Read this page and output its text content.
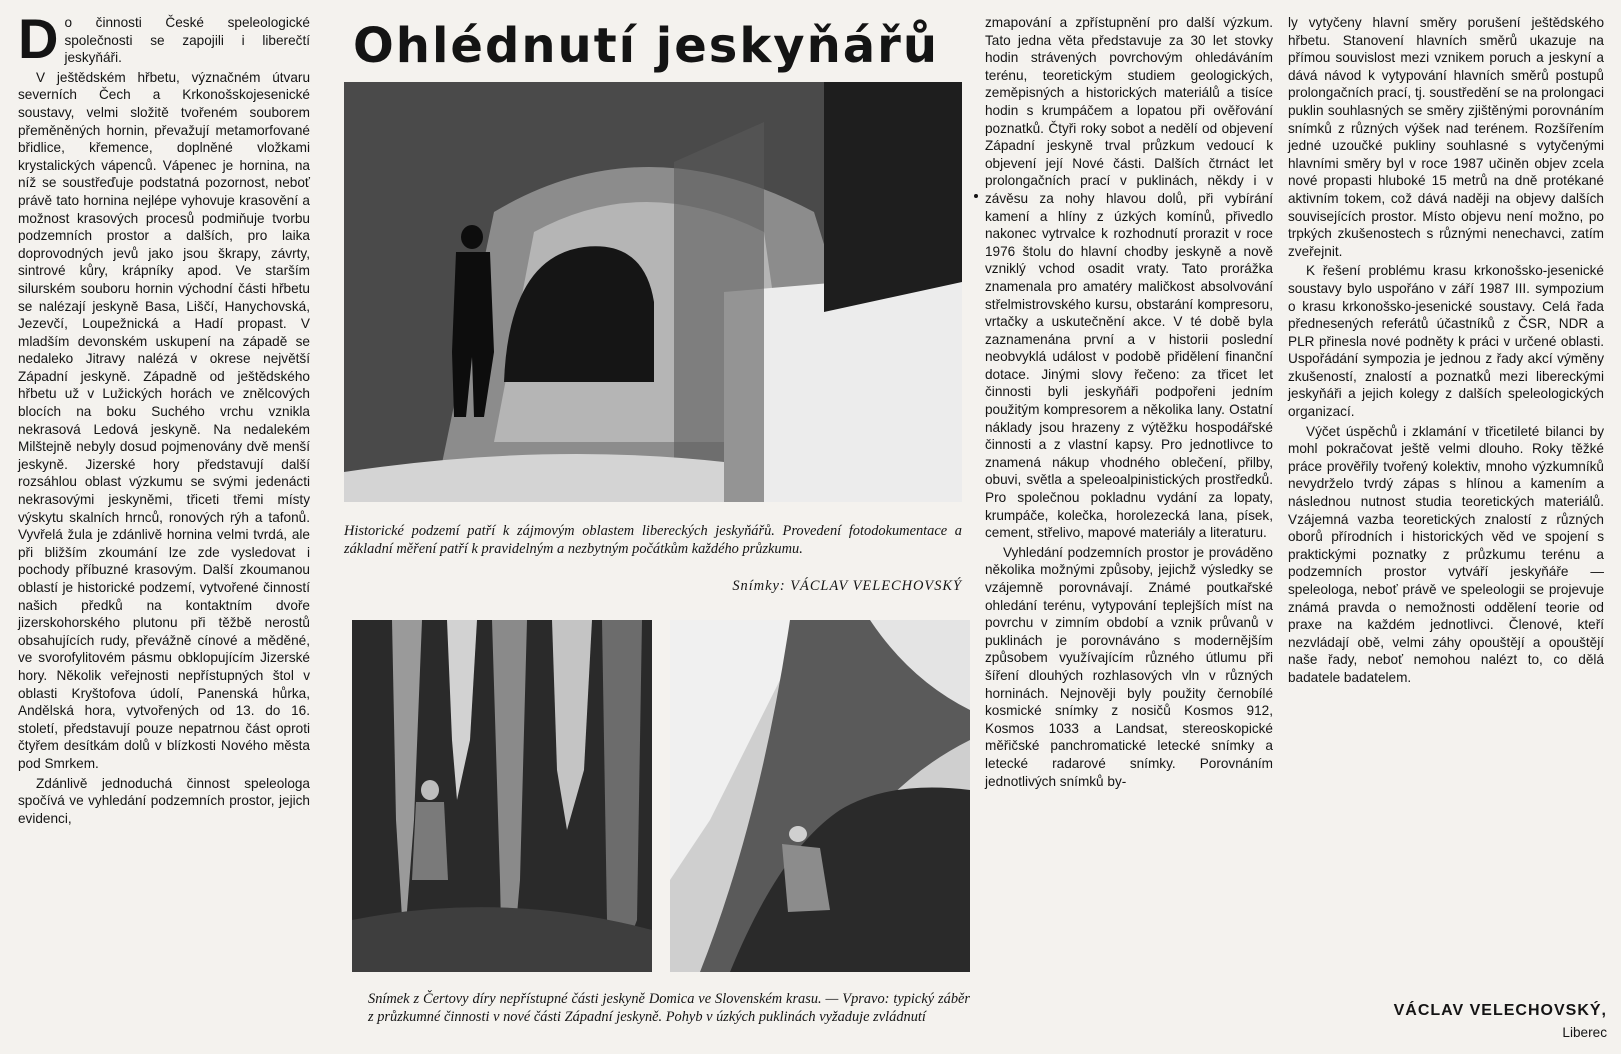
Ohlédnutí jeskyňářů

Do činnosti České speleologické společnosti se zapojili i liberečtí jeskyňáři.

V ještědském hřbetu, význačném útvaru severních Čech a Krkonošskojesenické soustavy, velmi složitě tvořeném souborem přeměněných hornin, převažují metamorfované břidlice, křemence, doplněné vložkami krystalických vápenců. Vápenec je hornina, na níž se soustřeďuje podstatná pozornost, neboť právě tato hornina nejlépe vyhovuje krasovění a možnost krasových procesů podmiňuje tvorbu podzemních prostor a dalších, pro laika doprovodných jevů jako jsou škrapy, závrty, sintrové kůry, krápníky apod. Ve starším silurském souboru hornin východní části hřbetu se nalézají jeskyně Basa, Liščí, Hanychovská, Jezevčí, Loupežnická a Hadí propast. V mladším devonském uskupení na západě se nedaleko Jitravy nalézá v okrese největší Západní jeskyně. Západně od ještědského hřbetu už v Lužických horách ve znělcových blocích na boku Suchého vrchu vznikla nekrasová Ledová jeskyně. Na nedalekém Milštejně nebyly dosud pojmenovány dvě menší jeskyně. Jizerské hory představují další rozsáhlou oblast výzkumu se svými jedenácti nekrasovými jeskyněmi, třiceti třemi místy výskytu skalních hrnců, ronových rýh a tafonů. Vyvřelá žula je zdánlivě hornina velmi tvrdá, ale při bližším zkoumání lze zde vysledovat i pochody příbuzné krasovým. Další zkoumanou oblastí je historické podzemí, vytvořené činností našich předků na kontaktním dvoře jizerskohorského plutonu při těžbě nerostů obsahujících rudy, převážně cínové a měděné, ve svorofylitovém pásmu obklopujícím Jizerské hory. Několik veřejnosti nepřístupných štol v oblasti Kryštofova údolí, Panenská hůrka, Andělská hora, vytvořených od 13. do 16. století, představují pouze nepatrnou část oproti čtyřem desítkám dolů v blízkosti Nového města pod Smrkem.

Zdánlivě jednoduchá činnost speleologa spočívá ve vyhledání podzemních prostor, jejich evidenci,

Historické podzemí patří k zájmovým oblastem libereckých jeskyňářů. Provedení fotodokumentace a základní měření patří k pravidelným a nezbytným počátkům každého průzkumu.
Snímky: VÁCLAV VELECHOVSKÝ
Snímek z Čertovy díry nepřístupné části jeskyně Domica ve Slovenském krasu. — Vpravo: typický záběr z průzkumné činnosti v nové části Západní jeskyně. Pohyb v úzkých puklinách vyžaduje zvládnutí

zmapování a zpřístupnění pro další výzkum. Tato jedna věta představuje za 30 let stovky hodin strávených povrchovým ohledáváním terénu, teoretickým studiem geologických, zeměpisných a historických materiálů a tisíce hodin s krumpáčem a lopatou při ověřování poznatků. Čtyři roky sobot a nedělí od objevení Západní jeskyně trval průzkum vedoucí k objevení její Nové části. Dalších čtrnáct let prolongačních prací v puklinách, někdy i v závěsu za nohy hlavou dolů, při vybírání kamení a hlíny z úzkých komínů, přivedlo nakonec vytrvalce k rozhodnutí prorazit v roce 1976 štolu do hlavní chodby jeskyně a nově vzniklý vchod osadit vraty. Tato prorážka znamenala pro amatéry maličkost absolvování střelmistrovského kursu, obstarání kompresoru, vrtačky a uskutečnění akce. V té době byla zaznamenána první a v historii poslední neobvyklá událost v podobě přidělení finanční dotace. Jinými slovy řečeno: za třicet let činnosti byli jeskyňáři podpořeni jedním použitým kompresorem a několika lany. Ostatní náklady jsou hrazeny z výtěžku hospodářské činnosti a z vlastní kapsy. Pro jednotlivce to znamená nákup vhodného oblečení, přilby, obuvi, světla a speleoalpinistických prostředků. Pro společnou pokladnu vydání za lopaty, krumpáče, kolečka, horolezecká lana, písek, cement, střelivo, mapové materiály a literaturu.

Vyhledání podzemních prostor je prováděno několika možnými způsoby, jejichž výsledky se vzájemně porovnávají. Známé poutkařské ohledání terénu, vytypování teplejších míst na povrchu v zimním období a vznik průvanů v puklinách je porovnáváno s modernějším způsobem využívajícím různého útlumu při šíření dlouhých rozhlasových vln v různých horninách. Nejnověji byly použity černobílé kosmické snímky z nosičů Kosmos 912, Kosmos 1033 a Landsat, stereoskopické měřičské panchromatické letecké snímky a letecké radarové snímky. Porovnáním jednotlivých snímků by-

ly vytyčeny hlavní směry porušení ještědského hřbetu. Stanovení hlavních směrů ukazuje na přímou souvislost mezi vznikem poruch a jeskyní a dává návod k vytypování hlavních směrů postupů prolongačních prací, tj. soustředění se na prolongaci puklin souhlasných se směry zjištěnými porovnáním snímků z různých výšek nad terénem. Rozšířením jedné uzoučké pukliny souhlasné s vytyčenými hlavními směry byl v roce 1987 učiněn objev zcela nové propasti hluboké 15 metrů na dně protékané aktivním tokem, což dává naději na objevy dalších souvisejících prostor. Místo objevu není možno, po trpkých zkušenostech s různými nenechavci, zatím zveřejnit.

K řešení problému krasu krkonošsko-jesenické soustavy bylo uspořáno v září 1987 III. sympozium o krasu krkonošsko-jesenické soustavy. Celá řada přednesených referátů účastníků z ČSR, NDR a PLR přinesla nové podněty k práci v určené oblasti. Uspořádání sympozia je jednou z řady akcí výměny zkušeností, znalostí a poznatků mezi libereckými jeskyňáři a jejich kolegy z dalších speleologických organizací.

Výčet úspěchů i zklamání v třicetileté bilanci by mohl pokračovat ještě velmi dlouho. Roky těžké práce prověřily tvořený kolektiv, mnoho výzkumníků nevydrželo tvrdý zápas s hlínou a kamením a následnou nutnost studia teoretických materiálů. Vzájemná vazba teoretických znalostí z různých oborů přírodních i historických věd ve spojení s praktickými poznatky z průzkumu terénu a podzemních prostor vytváří jeskyňáře — speleologa, neboť právě ve speleologii se projevuje známá pravda o nemožnosti oddělení teorie od praxe na každém jednotlivci. Členové, kteří nezvládají obě, velmi záhy opouštějí a opouštějí naše řady, neboť nemohou nalézt to, co dělá badatele badatelem.

VÁCLAV VELECHOVSKÝ,
Liberec
